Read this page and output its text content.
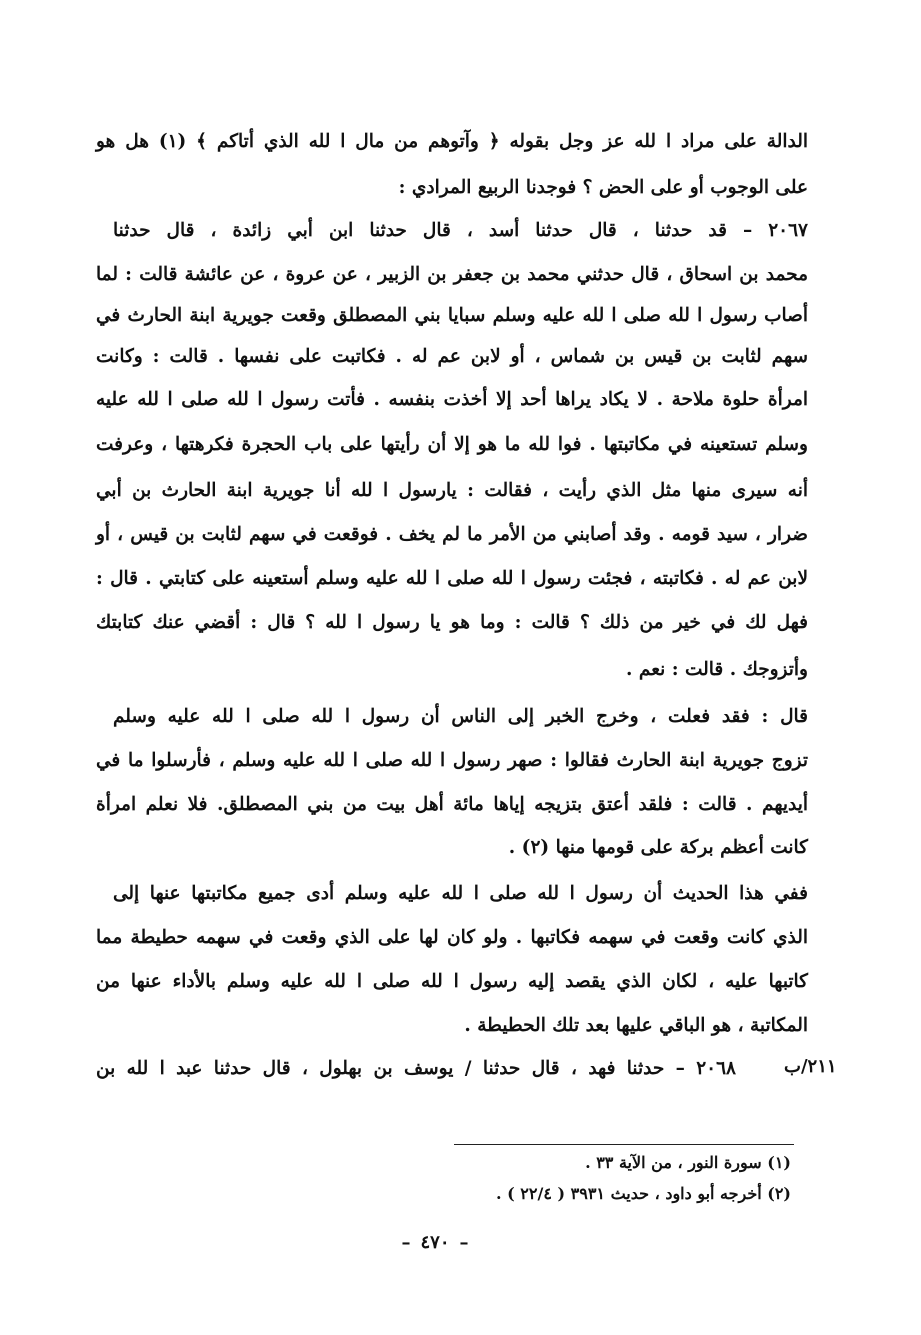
الدالة على مراد ا لله عز وجل بقوله ﴿ وآتوهم من مال ا لله الذي أتاكم ﴾ (١) هل هو
على الوجوب أو على الحض ؟ فوجدنا الربيع المرادي :
٢٠٦٧ – قد حدثنا ، قال حدثنا أسد ، قال حدثنا ابن أبي زائدة ، قال حدثنا
محمد بن اسحاق ، قال حدثني محمد بن جعفر بن الزبير ، عن عروة ، عن عائشة قالت : لما
أصاب رسول ا لله صلى ا لله عليه وسلم سبايا بني المصطلق وقعت جويرية ابنة الحارث في
سهم لثابت بن قيس بن شماس ، أو لابن عم له . فكاتبت على نفسها . قالت : وكانت
امرأة حلوة ملاحة . لا يكاد يراها أحد إلا أخذت بنفسه . فأتت رسول ا لله صلى ا لله عليه
وسلم تستعينه في مكاتبتها . فوا لله ما هو إلا أن رأيتها على باب الحجرة فكرهتها ، وعرفت
أنه سيرى منها مثل الذي رأيت ، فقالت : يارسول ا لله أنا جويرية ابنة الحارث بن أبي
ضرار ، سيد قومه . وقد أصابني من الأمر ما لم يخف . فوقعت في سهم لثابت بن قيس ، أو
لابن عم له . فكاتبته ، فجئت رسول ا لله صلى ا لله عليه وسلم أستعينه على كتابتي . قال :
فهل لك في خير من ذلك ؟ قالت : وما هو يا رسول ا لله ؟ قال : أقضي عنك كتابتك
وأتزوجك . قالت : نعم .
قال : فقد فعلت ، وخرج الخبر إلى الناس أن رسول ا لله صلى ا لله عليه وسلم
تزوج جويرية ابنة الحارث فقالوا : صهر رسول ا لله صلى ا لله عليه وسلم ، فأرسلوا ما في
أيديهم . قالت : فلقد أعتق بتزيجه إياها مائة أهل بيت من بني المصطلق. فلا نعلم امرأة
كانت أعظم بركة على قومها منها (٢) .
ففي هذا الحديث أن رسول ا لله صلى ا لله عليه وسلم أدى جميع مكاتبتها عنها إلى
الذي كانت وقعت في سهمه فكاتبها . ولو كان لها على الذي وقعت في سهمه حطيطة مما
كاتبها عليه ، لكان الذي يقصد إليه رسول ا لله صلى ا لله عليه وسلم بالأداء عنها من
المكاتبة ، هو الباقي عليها بعد تلك الحطيطة .
٢٠٦٨ – حدثنا فهد ، قال حدثنا / يوسف بن بهلول ، قال حدثنا عبد ا لله بن	٢١١/ب
(١) سورة النور ، من الآية ٣٣ .
(٢) أخرجه أبو داود ، حديث ٣٩٣١ ( ٢٢/٤ ) .
–٤٧٠–
